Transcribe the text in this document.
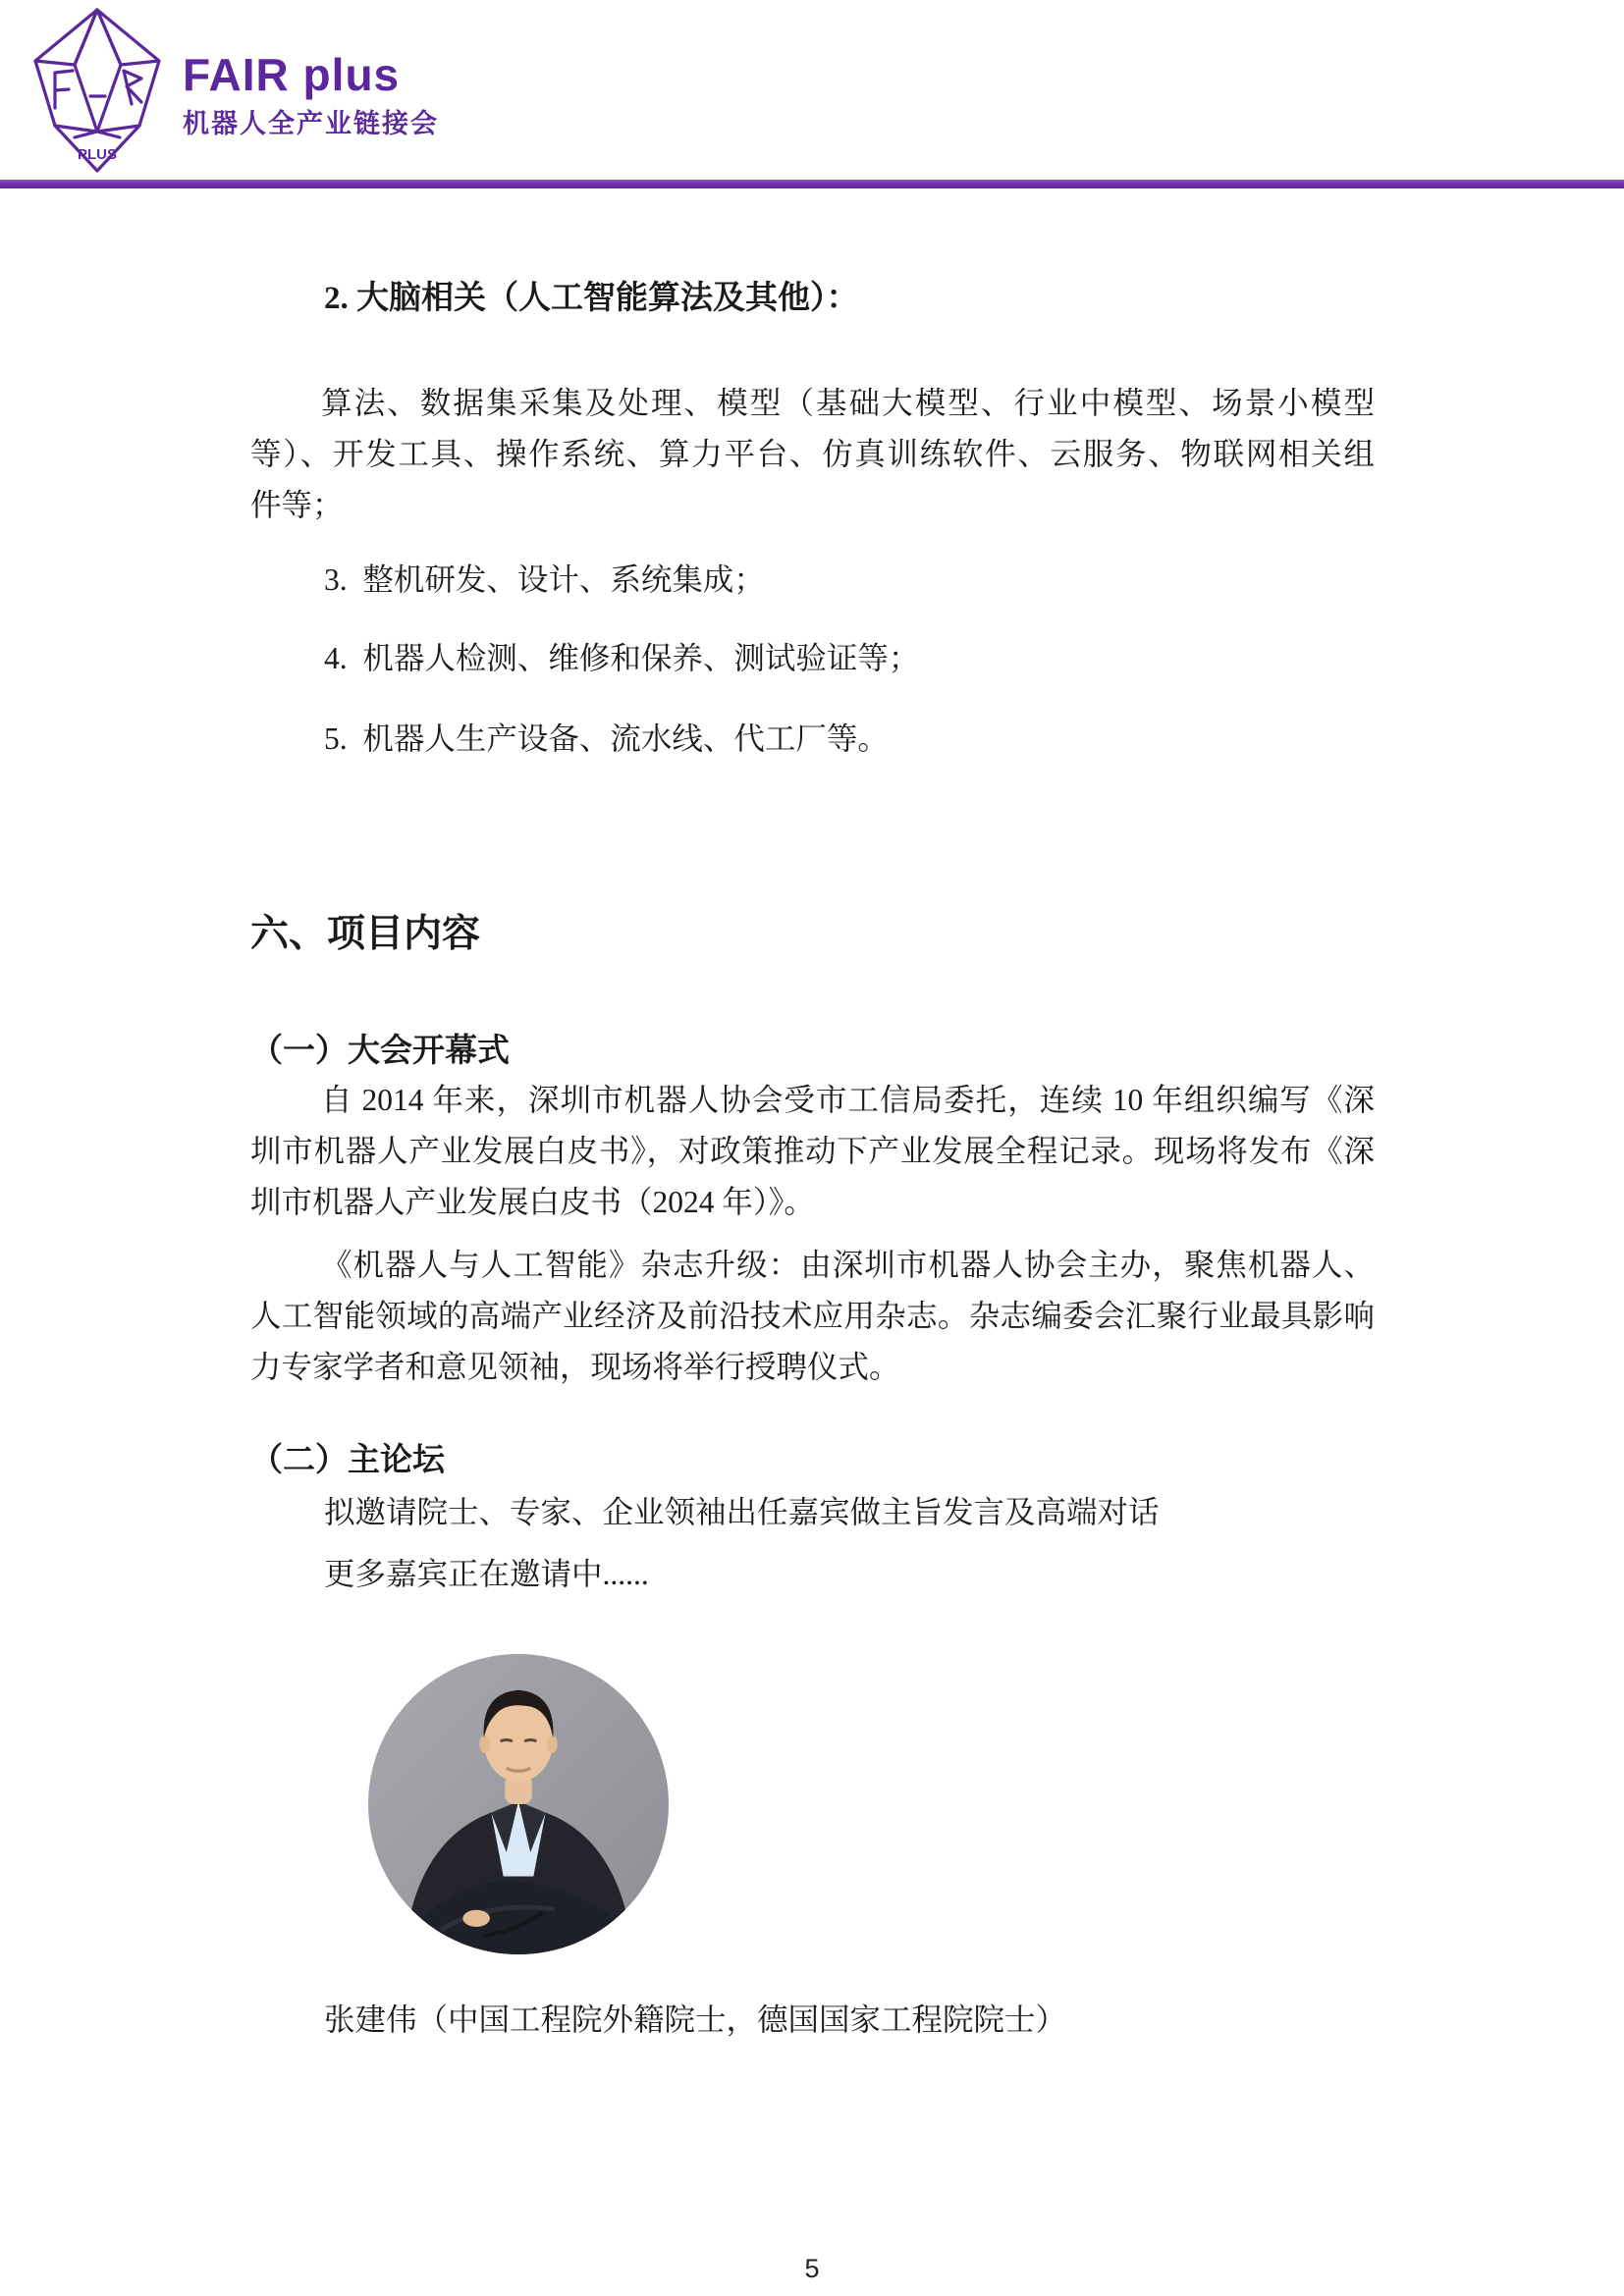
PLUS
FAIR plus
机器人全产业链接会
2. 大脑相关（人工智能算法及其他）：
算法、数据集采集及处理、模型（基础大模型、行业中模型、场景小模型
等）、开发工具、操作系统、算力平台、仿真训练软件、云服务、物联网相关组
件等；
3.  整机研发、设计、系统集成；
4.  机器人检测、维修和保养、测试验证等；
5.  机器人生产设备、流水线、代工厂等。
六、项目内容
（一）大会开幕式
自 2014 年来，深圳市机器人协会受市工信局委托，连续 10 年组织编写《深
圳市机器人产业发展白皮书》，对政策推动下产业发展全程记录。现场将发布《深
圳市机器人产业发展白皮书（2024 年）》。
《机器人与人工智能》杂志升级：由深圳市机器人协会主办，聚焦机器人、
人工智能领域的高端产业经济及前沿技术应用杂志。杂志编委会汇聚行业最具影响
力专家学者和意见领袖，现场将举行授聘仪式。
（二）主论坛
拟邀请院士、专家、企业领袖出任嘉宾做主旨发言及高端对话
更多嘉宾正在邀请中......
张建伟（中国工程院外籍院士，德国国家工程院院士）
5
